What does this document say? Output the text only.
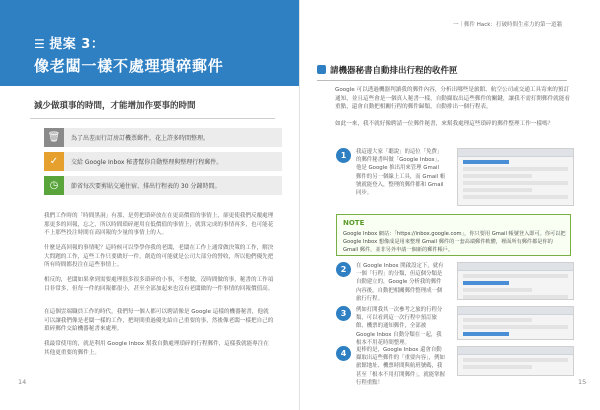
☰ 提案 3：
像老闆一樣不處理瑣碎郵件
減少做瑣事的時間，才能增加作要事的時間
🗑	為了出差而行訂房訂機票郵件，花上許多時間整理。
✓	交給 Google Inbox 秘書幫你自動整理與整理行程郵件。
◷	節省每次要剪貼交通住宿、排出行程表的 30 分鐘時間。
我們工作時的「時間黑洞」有那，是剪把瑣碎放在在更高價值的事情上，卻更使我們反覆處理那更多的回報，忘之，所以時間瑣碎運用在低價值的事情上，就算完成的事情再多，也可能花不上那些投注時間在高回報的少量的事情上的人。
什麼是高回報的事情呢？這時候可以學學你我的老闆，老闆在工作上通常做決策的工作，解決大問題的工作，這些工作只要做好一件，創造的可能就是公司大部分的營收，所以他們優先把所有時間都投注在這些事情上。
相反的，老闆如果拿到需要處理很多很多瑣碎的小事，不想做，沒時間做的事，秘書的工作項目非常多，但每一件的回報都很小，甚至全部加起來也沒有老闆做的一件事情的回報價值高。
在這個雲端職員工作的時代，我們每一個人都可以聘請像是 Google 這樣的機器秘書，他就可以讓我們像是老闆一樣的工作，把時間重過優先給自己重要的事，然後像老闆一樣把自己的瑣碎郵件交給機器秘書來處理。
我最常使用的，就是利用 Google Inbox 幫我自動處理瑣碎的行程郵件，這樣我就能專注在其他更重要的郵件上。
14
一｜郵件 Hack：打破時間生產力的第一道牆
請機器秘書自動排出行程的收件匣
Google 可以透過機器判讀我的郵件內容，分析出哪些是旅館、航空公司或交通工具寄來的預訂通知，並且這些會是一個真人秘書一樣，自動擷取出這些郵件的關鍵，讓我不需打開郵件就能看重點，還會自動把相關行程的郵件歸類，自動排出一個行程表。
如此一來，我不就好像聘請一位郵件秘書，來幫我處理這些瑣碎的郵件整理工作一樣嗎？
1	我這邊大家「聽說」的這位「免費」的郵件秘書叫做「Google Inbox」，他是 Google 推出用來管理 Gmail 郵件的另一個線上工具，而 Gmail 帳號就能登入，整理的郵件都和 Gmail 同步。
NOTE
Google Inbox 網站：「https://inbox.google.com」，你只要用 Gmail 帳號登入即可。你可以把 Google Inbox 想像成是用來整理 Gmail 郵件的一套高端郵件軟體，裡面所有郵件都是你的 Gmail 郵件，並非另外申請一個新的郵件帳戶。
2	在 Google Inbox 開啟設定下，就有一個「行程」的分類，但這個分類是自動建立的，Google 分析我的郵件內容後，自動把相關郵件整理成一個旅行行程。
3	例如打開我其一次參考之旅的行程分類，可以看到這一次行程中預訂旅館、機票的通知郵件，全部被 Google Inbox 自動分類在一起，我根本不用花時間整理。
4	更棒的是，Google Inbox 還會自動擷取出這些郵件的「重要內容」，例如旅館地址、機票時間與航班號碼，我甚至「根本不用打開郵件」，就能掌握行程重點！	15
